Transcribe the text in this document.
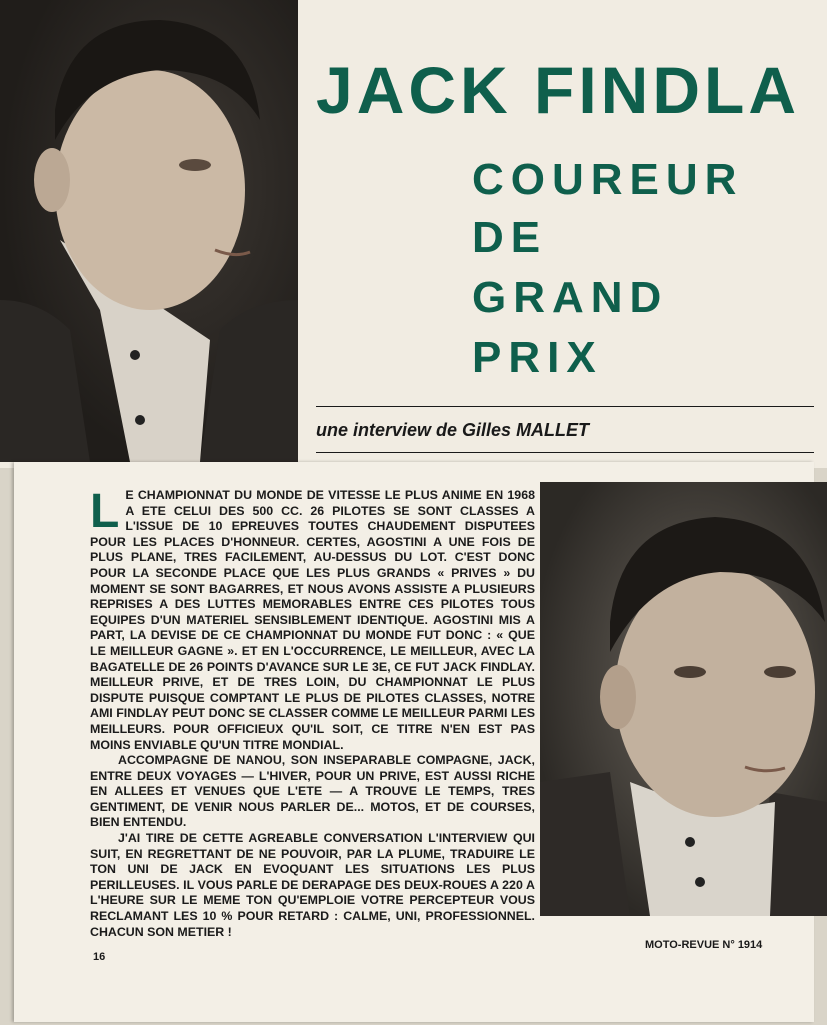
JACK FINDLA
COUREUR
DE
GRAND
PRIX
une interview de Gilles MALLET

L E CHAMPIONNAT DU MONDE DE VITESSE LE PLUS ANIME EN 1968 A ETE CELUI DES 500 CC. 26 PILOTES SE SONT CLASSES A L'ISSUE DE 10 EPREUVES TOUTES CHAUDEMENT DISPUTEES POUR LES PLACES D'HONNEUR. CERTES, AGOSTINI A UNE FOIS DE PLUS PLANE, TRES FACILEMENT, AU-DESSUS DU LOT. C'EST DONC POUR LA SECONDE PLACE QUE LES PLUS GRANDS « PRIVES » DU MOMENT SE SONT BAGARRES, ET NOUS AVONS ASSISTE A PLUSIEURS REPRISES A DES LUTTES MEMORABLES ENTRE CES PILOTES TOUS EQUIPES D'UN MATERIEL SENSIBLEMENT IDENTIQUE. AGOSTINI MIS A PART, LA DEVISE DE CE CHAMPIONNAT DU MONDE FUT DONC : « QUE LE MEILLEUR GAGNE ». ET EN L'OCCURRENCE, LE MEILLEUR, AVEC LA BAGATELLE DE 26 POINTS D'AVANCE SUR LE 3E, CE FUT JACK FINDLAY. MEILLEUR PRIVE, ET DE TRES LOIN, DU CHAMPIONNAT LE PLUS DISPUTE PUISQUE COMPTANT LE PLUS DE PILOTES CLASSES, NOTRE AMI FINDLAY PEUT DONC SE CLASSER COMME LE MEILLEUR PARMI LES MEILLEURS. POUR OFFICIEUX QU'IL SOIT, CE TITRE N'EN EST PAS MOINS ENVIABLE QU'UN TITRE MONDIAL.

ACCOMPAGNE DE NANOU, SON INSEPARABLE COMPAGNE, JACK, ENTRE DEUX VOYAGES — L'HIVER, POUR UN PRIVE, EST AUSSI RICHE EN ALLEES ET VENUES QUE L'ETE — A TROUVE LE TEMPS, TRES GENTIMENT, DE VENIR NOUS PARLER DE... MOTOS, ET DE COURSES, BIEN ENTENDU.

J'AI TIRE DE CETTE AGREABLE CONVERSATION L'INTERVIEW QUI SUIT, EN REGRETTANT DE NE POUVOIR, PAR LA PLUME, TRADUIRE LE TON UNI DE JACK EN EVOQUANT LES SITUATIONS LES PLUS PERILLEUSES. IL VOUS PARLE DE DERAPAGE DES DEUX-ROUES A 220 A L'HEURE SUR LE MEME TON QU'EMPLOIE VOTRE PERCEPTEUR VOUS RECLAMANT LES 10 % POUR RETARD : CALME, UNI, PROFESSIONNEL. CHACUN SON METIER !

16
MOTO-REVUE N° 1914
